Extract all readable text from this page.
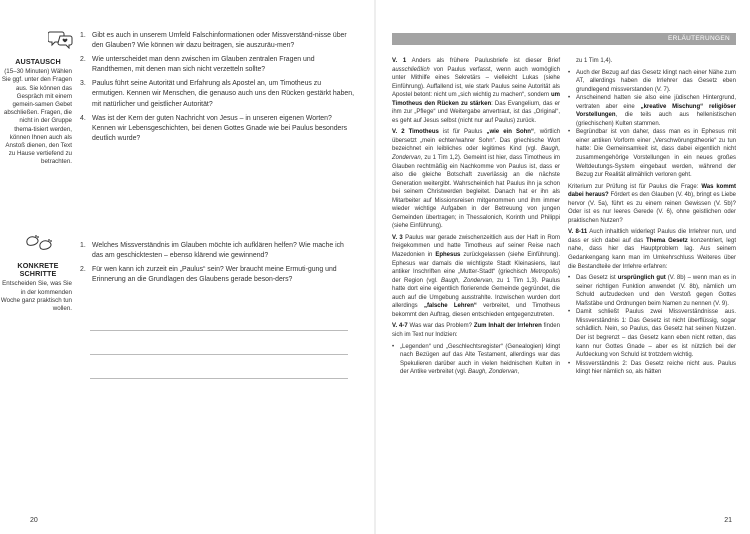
AUSTAUSCH
(15–30 Minuten) Wählen Sie ggf. unter den Fragen aus. Sie können das Gespräch mit einem gemein-samen Gebet abschließen. Fragen, die nicht in der Gruppe thema-tisiert werden, können Ihnen auch als Anstoß dienen, den Text zu Hause vertiefend zu betrachten.
1. Gibt es auch in unserem Umfeld Falschinformationen oder Missverständ-nisse über den Glauben? Wie können wir dazu beitragen, sie auszuräu-men?
2. Wie unterscheidet man denn zwischen im Glauben zentralen Fragen und Randthemen, mit denen man sich nicht verzetteln sollte?
3. Paulus führt seine Autorität und Erfahrung als Apostel an, um Timotheus zu ermutigen. Kennen wir Menschen, die genauso auch uns den Rücken gestärkt haben, mit natürlicher und geistlicher Autorität?
4. Was ist der Kern der guten Nachricht von Jesus – in unseren eigenen Worten? Kennen wir Lebensgeschichten, bei denen Gottes Gnade wie bei Paulus besonders deutlich wurde?
KONKRETE SCHRITTE
Entscheiden Sie, was Sie in der kommenden Woche ganz praktisch tun wollen.
1. Welches Missverständnis im Glauben möchte ich aufklären helfen? Wie mache ich das am geschicktesten – ebenso klärend wie gewinnend?
2. Für wen kann ich zurzeit ein „Paulus“ sein? Wer braucht meine Ermuti-gung und Erinnerung an die Grundlagen des Glaubens gerade beson-ders?
20
ERLÄUTERUNGEN

V. 1 Anders als frühere Paulusbriefe ist dieser Brief ausschließlich von Paulus verfasst, wenn auch womöglich unter Mithilfe eines Sekretärs – vielleicht Lukas (siehe Einführung). Auffallend ist, wie stark Paulus seine Autorität als Apostel betont: nicht um „sich wichtig zu machen“, sondern um Timotheus den Rücken zu stärken: Das Evangelium, das er ihm zur „Pflege“ und Weitergabe anvertraut, ist das „Original“, es geht auf Jesus selbst (nicht nur auf Paulus) zurück.

V. 2 Timotheus ist für Paulus „wie ein Sohn“, wörtlich übersetzt „mein echter/wahrer Sohn“. Das griechische Wort bezeichnet ein leibliches oder legitimes Kind (vgl. Baugh, Zondervan, zu 1 Tim 1,2). Gemeint ist hier, dass Timotheus im Glauben rechtmäßig ein Nachkomme von Paulus ist, dass er also die gleiche Botschaft zuverlässig an die nächste Generation weitergibt. Wahrscheinlich hat Paulus ihn ja schon bei seinem Christwerden begleitet. Danach hat er ihn als Mitarbeiter auf Missionsreisen mitgenommen und ihm immer wieder wichtige Aufgaben in der Betreuung von jungen Gemeinden übertragen; in Thessalonich, Korinth und Philippi (siehe Einführung).

V. 3 Paulus war gerade zwischenzeitlich aus der Haft in Rom freigekommen und hatte Timotheus auf seiner Reise nach Mazedonien in Ephesus zurückgelassen (siehe Einführung). Ephesus war damals die wichtigste Stadt Kleinasiens, laut antiker Inschriften eine „Mutter-Stadt“ (griechisch Metropolis) der Region (vgl. Baugh, Zondervan, zu 1 Tim 1,3). Paulus hatte dort eine eigentlich florierende Gemeinde gegründet, die auch auf die Umgebung ausstrahlte. Inzwischen wurden dort allerdings „falsche Lehren“ verbreitet, und Timotheus bekommt den Auftrag, diesen entschieden entgegenzutreten.

V. 4-7 Was war das Problem? Zum Inhalt der Irrlehren finden sich im Text nur Indizien:

• „Legenden“ und „Geschlechtsregister“ (Genealogien) klingt nach Bezügen auf das Alte Testament, allerdings war das Spekulieren darüber auch in vielen heidnischen Kulten in der Antike verbreitet (vgl. Baugh, Zondervan,

zu 1 Tim 1,4).

• Auch der Bezug auf das Gesetz klingt nach einer Nähe zum AT, allerdings haben die Irrlehrer das Gesetz eben grundlegend missverstanden (V. 7).
• Anscheinend hatten sie also eine jüdischen Hintergrund, vertraten aber eine „kreative Mischung“ religiöser Vorstellungen, die teils auch aus hellenistischen (griechischen) Kulten stammen.
• Begründbar ist von daher, dass man es in Ephesus mit einer antiken Vorform einer „Verschwörungstheorie“ zu tun hatte: Die Gemeinsamkeit ist, dass dabei eigentlich nicht zusammengehörige Vorstellungen in ein neues großes Weltdeutungs-System eingebaut werden, während der Bezug zur Realität allmählich verloren geht.

Kriterium zur Prüfung ist für Paulus die Frage: Was kommt dabei heraus? Fördert es den Glauben (V. 4b), bringt es Liebe hervor (V. 5a), führt es zu einem reinen Gewissen (V. 5b)? Oder ist es nur leeres Gerede (V. 6), ohne geistlichen oder praktischen Nutzen?

V. 8-11 Auch inhaltlich widerlegt Paulus die Irrlehrer nun, und dass er sich dabei auf das Thema Gesetz konzentriert, legt nahe, dass hier das Hauptproblem lag. Aus seinem Gedankengang kann man im Umkehrschluss Weiteres über die Bestandteile der Irrlehre erfahren:

• Das Gesetz ist ursprünglich gut (V. 8b) – wenn man es in seiner richtigen Funktion anwendet (V. 8b), nämlich um Schuld aufzudecken und den Verstoß gegen Gottes Maßstäbe und Ordnungen beim Namen zu nennen (V. 9).
• Damit schließt Paulus zwei Missverständnisse aus. Missverständnis 1: Das Gesetz ist nicht überflüssig, sogar schädlich. Nein, so Paulus, das Gesetz hat seinen Nutzen. Der ist begrenzt – das Gesetz kann eben nicht retten, das kann nur Gottes Gnade – aber es ist nützlich bei der Aufdeckung von Schuld ist trotzdem wichtig.
• Missverständnis 2: Das Gesetz reiche nicht aus. Paulus klingt hier nämlich so, als hätten
21
